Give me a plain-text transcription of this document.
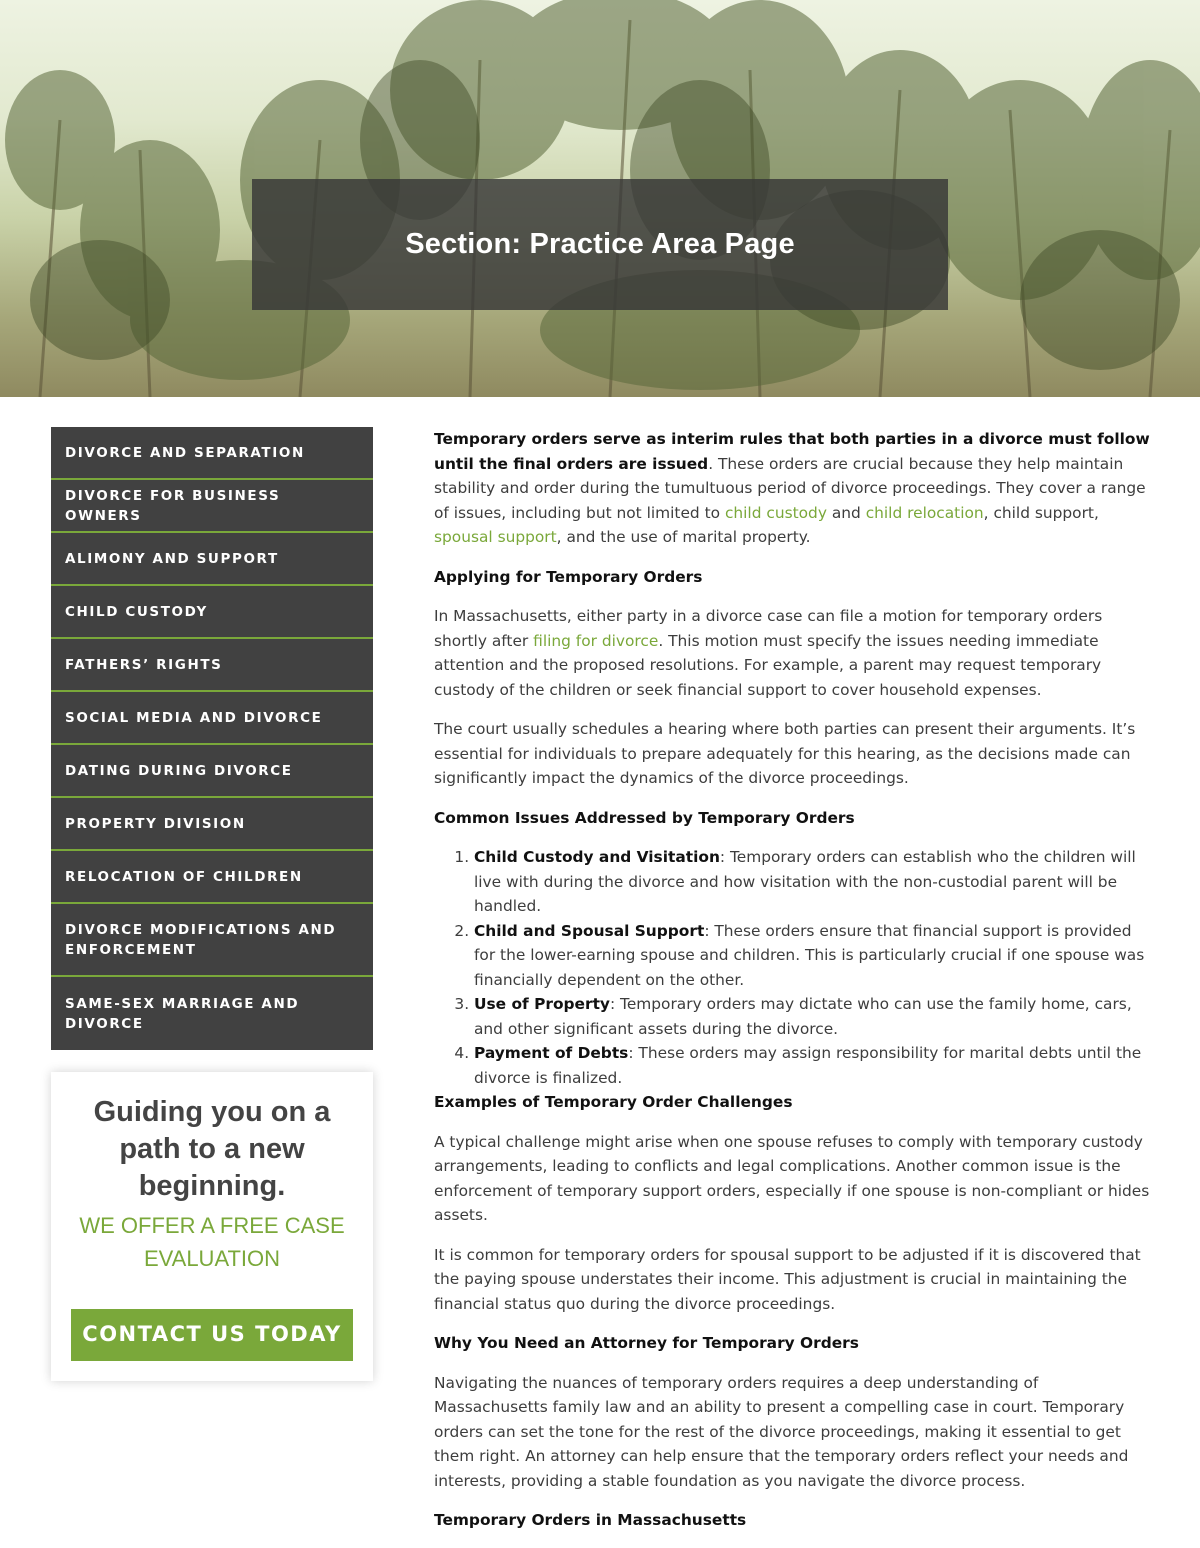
Section: Practice Area Page
DIVORCE AND SEPARATION
DIVORCE FOR BUSINESS OWNERS
ALIMONY AND SUPPORT
CHILD CUSTODY
FATHERS’ RIGHTS
SOCIAL MEDIA AND DIVORCE
DATING DURING DIVORCE
PROPERTY DIVISION
RELOCATION OF CHILDREN
DIVORCE MODIFICATIONS AND ENFORCEMENT
SAME-SEX MARRIAGE AND DIVORCE
Guiding you on a path to a new beginning.

WE OFFER A FREE CASE EVALUATION

CONTACT US TODAY

Temporary orders serve as interim rules that both parties in a divorce must follow until the final orders are issued. These orders are crucial because they help maintain stability and order during the tumultuous period of divorce proceedings. They cover a range of issues, including but not limited to child custody and child relocation, child support, spousal support, and the use of marital property.

Applying for Temporary Orders

In Massachusetts, either party in a divorce case can file a motion for temporary orders shortly after filing for divorce. This motion must specify the issues needing immediate attention and the proposed resolutions. For example, a parent may request temporary custody of the children or seek financial support to cover household expenses.

The court usually schedules a hearing where both parties can present their arguments. It’s essential for individuals to prepare adequately for this hearing, as the decisions made can significantly impact the dynamics of the divorce proceedings.

Common Issues Addressed by Temporary Orders
1. Child Custody and Visitation: Temporary orders can establish who the children will live with during the divorce and how visitation with the non-custodial parent will be handled.
2. Child and Spousal Support: These orders ensure that financial support is provided for the lower-earning spouse and children. This is particularly crucial if one spouse was financially dependent on the other.
3. Use of Property: Temporary orders may dictate who can use the family home, cars, and other significant assets during the divorce.
4. Payment of Debts: These orders may assign responsibility for marital debts until the divorce is finalized.
Examples of Temporary Order Challenges

A typical challenge might arise when one spouse refuses to comply with temporary custody arrangements, leading to conflicts and legal complications. Another common issue is the enforcement of temporary support orders, especially if one spouse is non-compliant or hides assets.

It is common for temporary orders for spousal support to be adjusted if it is discovered that the paying spouse understates their income. This adjustment is crucial in maintaining the financial status quo during the divorce proceedings.

Why You Need an Attorney for Temporary Orders

Navigating the nuances of temporary orders requires a deep understanding of Massachusetts family law and an ability to present a compelling case in court. Temporary orders can set the tone for the rest of the divorce proceedings, making it essential to get them right. An attorney can help ensure that the temporary orders reflect your needs and interests, providing a stable foundation as you navigate the divorce process.

Temporary Orders in Massachusetts
